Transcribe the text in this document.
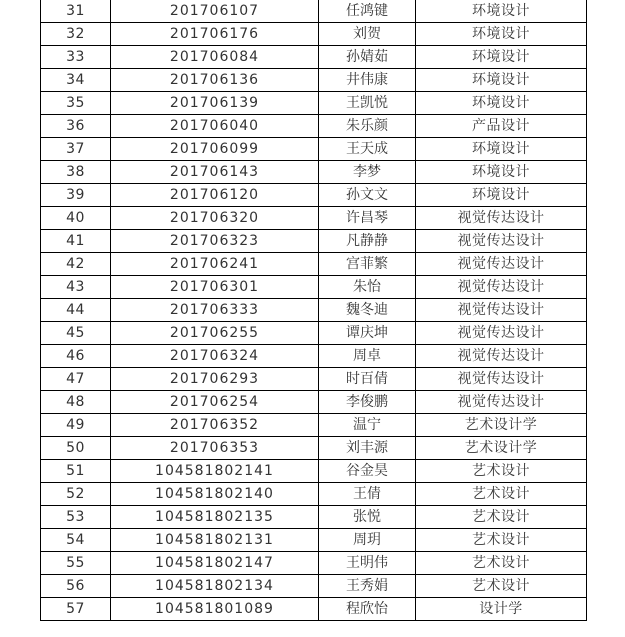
31	201706107	任鸿键	环境设计
32	201706176	刘贺	环境设计
33	201706084	孙婧茹	环境设计
34	201706136	井伟康	环境设计
35	201706139	王凯悦	环境设计
36	201706040	朱乐颜	产品设计
37	201706099	王天成	环境设计
38	201706143	李梦	环境设计
39	201706120	孙文文	环境设计
40	201706320	许昌琴	视觉传达设计
41	201706323	凡静静	视觉传达设计
42	201706241	宫菲繁	视觉传达设计
43	201706301	朱怡	视觉传达设计
44	201706333	魏冬迪	视觉传达设计
45	201706255	谭庆坤	视觉传达设计
46	201706324	周卓	视觉传达设计
47	201706293	时百倩	视觉传达设计
48	201706254	李俊鹏	视觉传达设计
49	201706352	温宁	艺术设计学
50	201706353	刘丰源	艺术设计学
51	104581802141	谷金昊	艺术设计
52	104581802140	王倩	艺术设计
53	104581802135	张悦	艺术设计
54	104581802131	周玥	艺术设计
55	104581802147	王明伟	艺术设计
56	104581802134	王秀娟	艺术设计
57	104581801089	程欣怡	设计学
